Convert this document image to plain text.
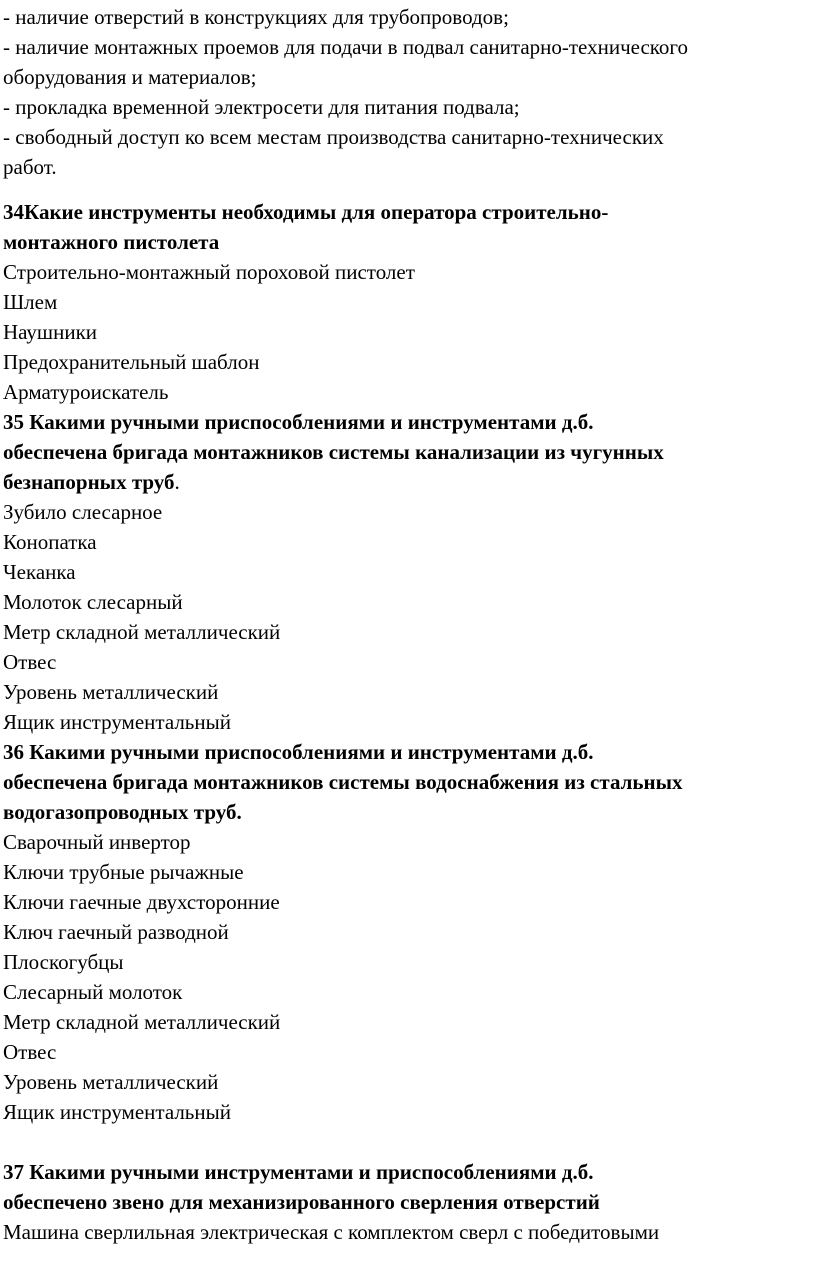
- наличие отверстий в конструкциях для трубопроводов;
- наличие монтажных проемов для подачи в подвал санитарно-технического
оборудования и материалов;
- прокладка временной электросети для питания подвала;
- свободный доступ ко всем местам производства санитарно-технических
работ.
34Какие инструменты необходимы для оператора строительно-
монтажного пистолета
Строительно-монтажный пороховой пистолет
Шлем
Наушники
Предохранительный шаблон
Арматуроискатель
35 Какими ручными приспособлениями и инструментами д.б.
обеспечена бригада монтажников системы канализации из чугунных
безнапорных труб.
Зубило слесарное
Конопатка
Чеканка
Молоток слесарный
Метр складной металлический
Отвес
Уровень металлический
Ящик инструментальный
36 Какими ручными приспособлениями и инструментами д.б.
обеспечена бригада монтажников системы водоснабжения из стальных
водогазопроводных труб.
Сварочный инвертор
Ключи трубные рычажные
Ключи гаечные двухсторонние
Ключ гаечный разводной
Плоскогубцы
Слесарный молоток
Метр складной металлический
Отвес
Уровень металлический
Ящик инструментальный
37 Какими ручными инструментами и приспособлениями д.б.
обеспечено звено для механизированного сверления отверстий
Машина сверлильная электрическая с комплектом сверл с победитовыми
